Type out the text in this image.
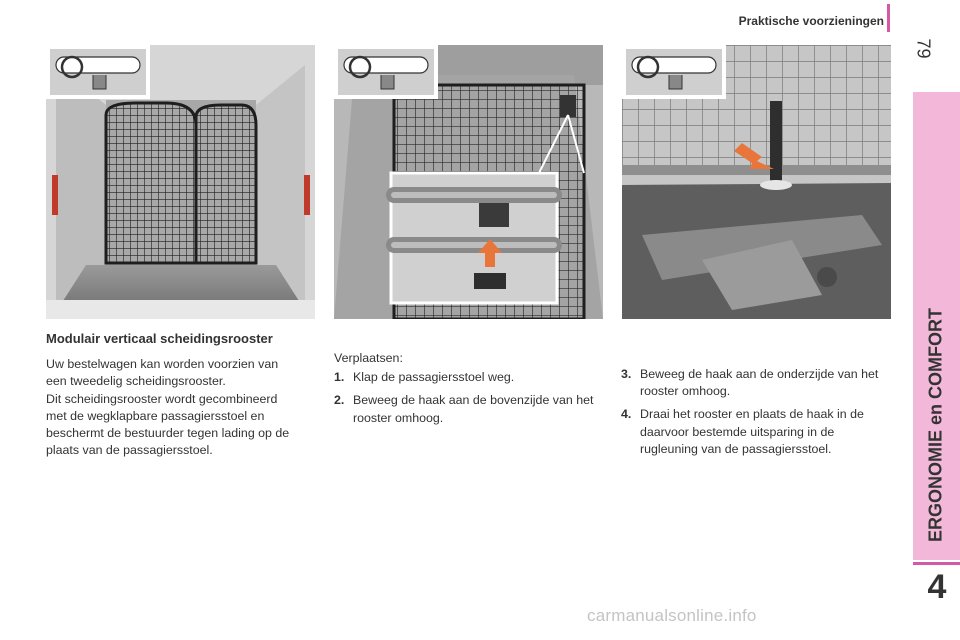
Praktische voorzieningen
79
ERGONOMIE en COMFORT
4
Modulair verticaal scheidingsrooster

Uw bestelwagen kan worden voorzien van

een tweedelig scheidingsrooster.

Dit scheidingsrooster wordt gecombineerd

met de wegklapbare passagiersstoel en

beschermt de bestuurder tegen lading op de

plaats van de passagiersstoel.

Verplaatsen:

1. Klap de passagiersstoel weg.
2. Beweeg de haak aan de bovenzijde van het rooster omhoog.
3. Beweeg de haak aan de onderzijde van het rooster omhoog.
4. Draai het rooster en plaats de haak in de daarvoor bestemde uitsparing in de rugleuning van de passagiersstoel.
carmanualsonline.info
